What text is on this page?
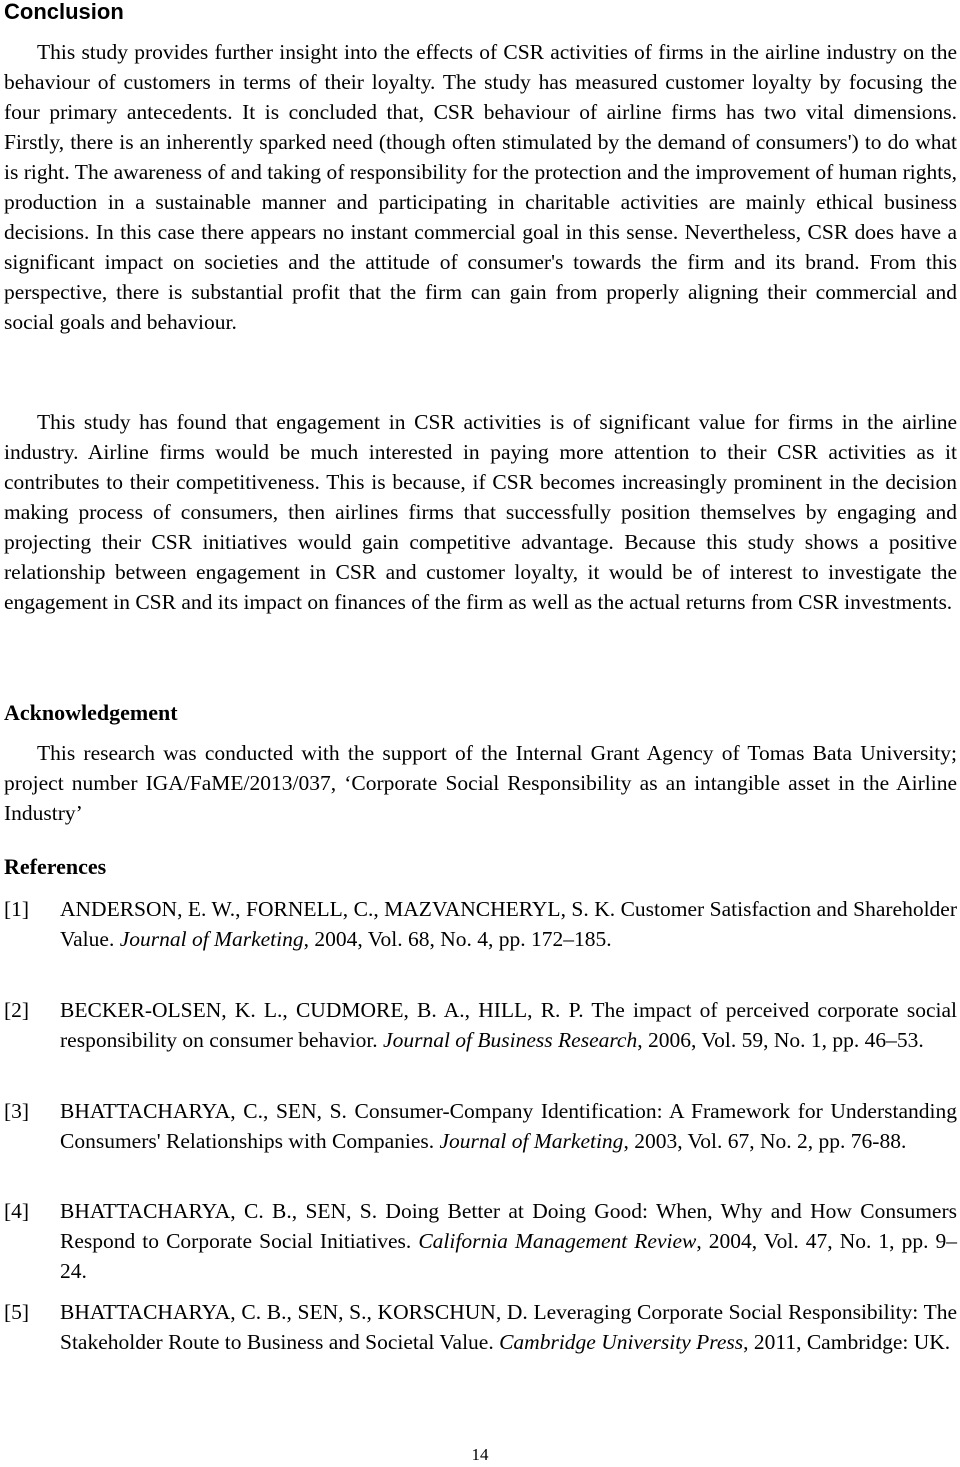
Conclusion

This study provides further insight into the effects of CSR activities of firms in the airline industry on the behaviour of customers in terms of their loyalty. The study has measured customer loyalty by focusing the four primary antecedents. It is concluded that, CSR behaviour of airline firms has two vital dimensions. Firstly, there is an inherently sparked need (though often stimulated by the demand of consumers') to do what is right. The awareness of and taking of responsibility for the protection and the improvement of human rights, production in a sustainable manner and participating in charitable activities are mainly ethical business decisions. In this case there appears no instant commercial goal in this sense. Nevertheless, CSR does have a significant impact on societies and the attitude of consumer's towards the firm and its brand. From this perspective, there is substantial profit that the firm can gain from properly aligning their commercial and social goals and behaviour.

This study has found that engagement in CSR activities is of significant value for firms in the airline industry. Airline firms would be much interested in paying more attention to their CSR activities as it contributes to their competitiveness. This is because, if CSR becomes increasingly prominent in the decision making process of consumers, then airlines firms that successfully position themselves by engaging and projecting their CSR initiatives would gain competitive advantage. Because this study shows a positive relationship between engagement in CSR and customer loyalty, it would be of interest to investigate the engagement in CSR and its impact on finances of the firm as well as the actual returns from CSR investments.

Acknowledgement

This research was conducted with the support of the Internal Grant Agency of Tomas Bata University; project number IGA/FaME/2013/037, ‘Corporate Social Responsibility as an intangible asset in the Airline Industry’

References
[1] ANDERSON, E. W., FORNELL, C., MAZVANCHERYL, S. K. Customer Satisfaction and Shareholder Value. Journal of Marketing, 2004, Vol. 68, No. 4, pp. 172–185.
[2] BECKER-OLSEN, K. L., CUDMORE, B. A., HILL, R. P. The impact of perceived corporate social responsibility on consumer behavior. Journal of Business Research, 2006, Vol. 59, No. 1, pp. 46–53.
[3] BHATTACHARYA, C., SEN, S. Consumer-Company Identification: A Framework for Understanding Consumers' Relationships with Companies. Journal of Marketing, 2003, Vol. 67, No. 2, pp. 76-88.
[4] BHATTACHARYA, C. B., SEN, S. Doing Better at Doing Good: When, Why and How Consumers Respond to Corporate Social Initiatives. California Management Review, 2004, Vol. 47, No. 1, pp. 9–24.
[5] BHATTACHARYA, C. B., SEN, S., KORSCHUN, D. Leveraging Corporate Social Responsibility: The Stakeholder Route to Business and Societal Value. Cambridge University Press, 2011, Cambridge: UK.
14
